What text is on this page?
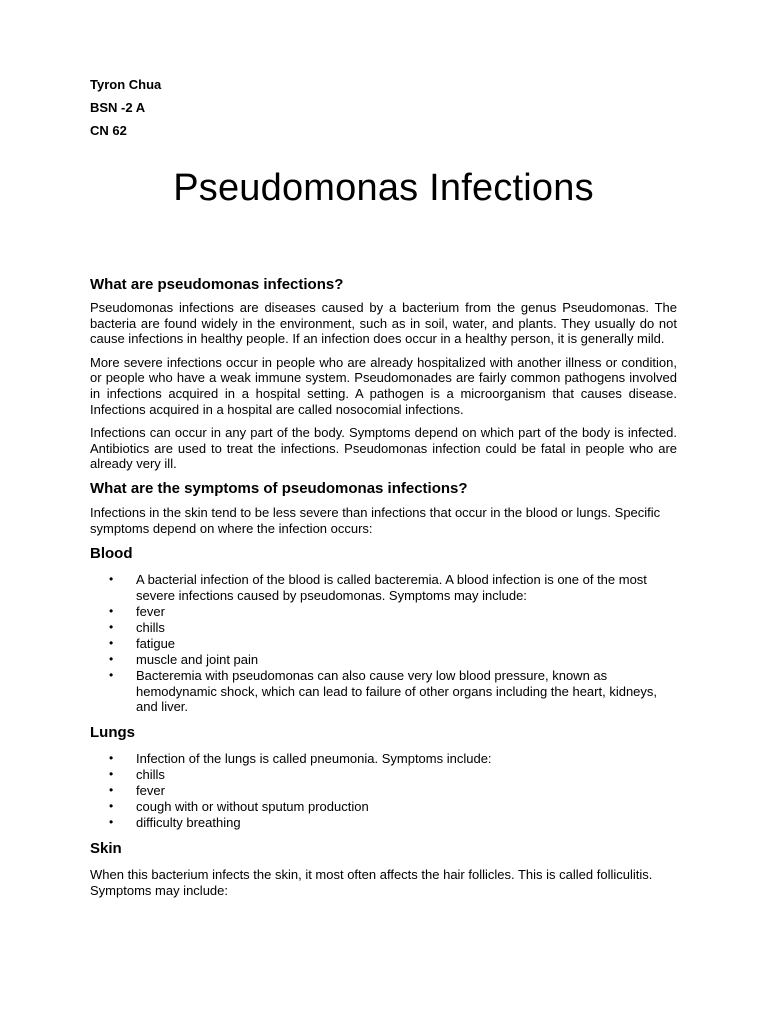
Tyron Chua
BSN -2 A
CN 62
Pseudomonas Infections
What are pseudomonas infections?

Pseudomonas infections are diseases caused by a bacterium from the genus Pseudomonas. The bacteria are found widely in the environment, such as in soil, water, and plants. They usually do not cause infections in healthy people. If an infection does occur in a healthy person, it is generally mild.

More severe infections occur in people who are already hospitalized with another illness or condition, or people who have a weak immune system. Pseudomonades are fairly common pathogens involved in infections acquired in a hospital setting. A pathogen is a microorganism that causes disease. Infections acquired in a hospital are called nosocomial infections.

Infections can occur in any part of the body. Symptoms depend on which part of the body is infected. Antibiotics are used to treat the infections. Pseudomonas infection could be fatal in people who are already very ill.

What are the symptoms of pseudomonas infections?

Infections in the skin tend to be less severe than infections that occur in the blood or lungs. Specific symptoms depend on where the infection occurs:

Blood
• A bacterial infection of the blood is called bacteremia. A blood infection is one of the most severe infections caused by pseudomonas. Symptoms may include:
• fever
• chills
• fatigue
• muscle and joint pain
• Bacteremia with pseudomonas can also cause very low blood pressure, known as hemodynamic shock, which can lead to failure of other organs including the heart, kidneys, and liver.
Lungs
• Infection of the lungs is called pneumonia. Symptoms include:
• chills
• fever
• cough with or without sputum production
• difficulty breathing
Skin

When this bacterium infects the skin, it most often affects the hair follicles. This is called folliculitis. Symptoms may include:
